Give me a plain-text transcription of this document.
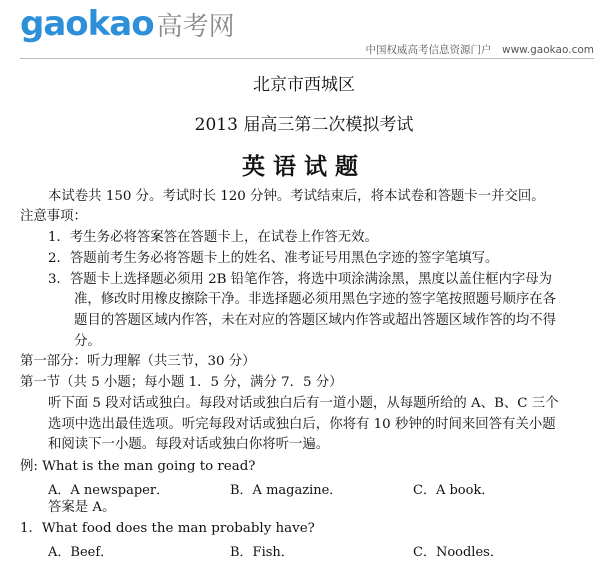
gaokao 高考网
中国权威高考信息资源门户　www.gaokao.com
北京市西城区
2013 届高三第二次模拟考试
英语试题
本试卷共 150 分。考试时长 120 分钟。考试结束后，将本试卷和答题卡一并交回。
注意事项：
1．考生务必将答案答在答题卡上，在试卷上作答无效。
2．答题前考生务必将答题卡上的姓名、准考证号用黑色字迹的签字笔填写。
3．答题卡上选择题必须用 2B 铅笔作答，将选中项涂满涂黑，黑度以盖住框内字母为
准，修改时用橡皮擦除干净。非选择题必须用黑色字迹的签字笔按照题号顺序在各
题目的答题区域内作答，未在对应的答题区域内作答或超出答题区域作答的均不得
分。
第一部分：听力理解（共三节，30 分）
第一节（共 5 小题；每小题 1．5 分，满分 7．5 分）
听下面 5 段对话或独白。每段对话或独白后有一道小题，从每题所给的 A、B、C 三个
选项中选出最佳选项。听完每段对话或独白后，你将有 10 秒钟的时间来回答有关小题
和阅读下一小题。每段对话或独白你将听一遍。
例: What is the man going to read?
A．A newspaper．	B．A magazine．	C．A book．
答案是 A。
1．What food does the man probably have?
A．Beef．	B．Fish．	C．Noodles．
